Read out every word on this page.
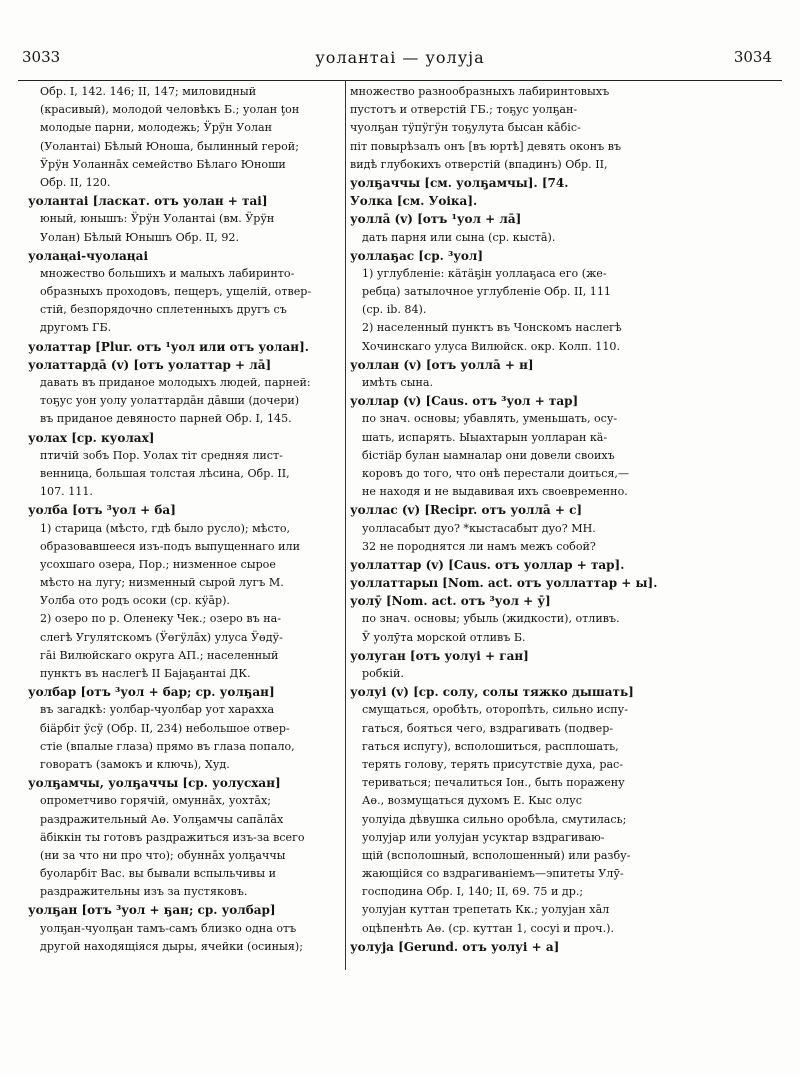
3033	уолантаі — уолуја	3034
Обр. I, 142. 146; II, 147; миловидный
(красивый), молодой человѣкъ Б.; уолан ţон
молодые парни, молодежь; Ӱрӱн Уолан
(Уолантаі) Бѣлый Юноша, былинный герой;
Ӱрӱн Уоланнāх семейство Бѣлаго Юноши
Обр. II, 120.
уолантаі [ласкат. отъ уолан + таі]
юный, юнышъ: Ӱрӱн Уолантаі (вм. Ӱрӱн
Уолан) Бѣлый Юнышъ Обр. II, 92.
уолаңаі-чуолаңаі
множество большихъ и малыхъ лабиринто-
образныхъ проходовъ, пещеръ, ущелій, отвер-
стій, безпорядочно сплетенныхъ другъ съ
другомъ ГБ.
уолаттар [Plur. отъ ¹уол или отъ уолан].
уолаттардā (v) [отъ уолаттар + лā]
давать въ приданое молодыхъ людей, парней:
тоҕус уон уолу уолаттардāн дāвши (дочери)
въ приданое девяносто парней Обр. I, 145.
уолах [ср. куолах]
птичій зобъ Пор. Уолах тіт средняя лист-
венница, большая толстая лѣсина, Обр. II,
107. 111.
уолба [отъ ³уол + ба]
1) старица (мѣсто, гдѣ было русло); мѣсто,
образовавшееся изъ-подъ выпущеннаго или
усохшаго озера, Пор.; низменное сырое
мѣсто на лугу; низменный сырой лугъ М.
Уолба ото родъ осоки (ср. кӱāр).
2) озеро по р. Оленеку Чек.; озеро въ на-
слегѣ Угулятскомъ (Ӱөгӱлāх) улуса Ӱөдӱ-
гāі Вилюйскаго округа АП.; населенный
пунктъ въ наслегѣ II Бајаҕантаі ДК.
уолбар [отъ ³уол + бар; ср. уолҕан]
въ загадкѣ: уолбар-чуолбар уот хараххa
біäрбіт ӱсӱ (Обр. II, 234) небольшое отвер-
стіе (впалые глаза) прямо въ глаза попало,
говоратъ (замокъ и ключь), Худ.
уолҕамчы, уолҕаччы [ср. уолусхан]
опрометчиво горячій, омуннāх, уохтāх;
раздражительный Аө. Уолҕамчы сапāлāх
äбіккін ты готовъ раздражиться изъ-за всего
(ни за что ни про что); обуннāх уолҕаччы
буоларбіт Вас. вы бывали вспыльчивы и
раздражительны изъ за пустяковъ.
уолҕан [отъ ³уол + ҕан; ср. уолбар]
уолҕан-чуолҕан тамъ-самъ близко одна отъ
другой находящіяся дыры, ячейки (осиныя);
множество разнообразныхъ лабиринтовыхъ
пустотъ и отверстій ГБ.; тоҕус уолҕан-
чуолҕан тӱпӱгӱн тоҕулута бысан кāбіс-
піт повырѣзалъ онъ [въ юртѣ] девять оконъ въ
видѣ глубокихъ отверстій (впадинъ) Обр. II,
уолҕаччы [см. уолҕамчы]. [74.
Уолка [см. Уоіка].
уоллā (v) [отъ ¹уол + лā]
дать парня или сына (ср. кыстā).
уоллаҕас [ср. ³уол]
1) углубленіе: кäтäҕін уоллаҕаса его (же-
ребца) затылочное углубленіе Обр. II, 111
(ср. ib. 84).
2) населенный пунктъ въ Чонскомъ наслегѣ
Хочинскаго улуса Вилюйск. окр. Колп. 110.
уоллан (v) [отъ уоллā + н]
имѣть сына.
уоллар (v) [Caus. отъ ³уол + тар]
по знач. основы; убавлять, уменьшать, осу-
шать, испарять. Ыыахтарын уолларан кä-
бістіäр булан ыамналар они довели своихъ
коровъ до того, что онѣ перестали доиться,—
не находя и не выдавивая ихъ своевременно.
уоллас (v) [Recipr. отъ уоллā + с]
уолласабыт дуо? *кыстасабыт дуо? МН.
32 не породнятся ли намъ межъ собой?
уоллаттар (v) [Caus. отъ уоллар + тар].
уоллаттарыı [Nom. act. отъ уоллаттар + ы].
уолӯ [Nom. act. отъ ³уол + ӯ]
по знач. основы; убыль (жидкости), отливъ.
Ӯ уолӯта морской отливъ Б.
уолуган [отъ уолуі + ган]
робкій.
уолуі (v) [ср. солу, солы тяжко дышать]
смущаться, оробѣть, оторопѣть, сильно испу-
гаться, бояться чего, вздрагивать (подвер-
гаться испугу), всполошиться, расплошать,
терять голову, терять присутствіе духа, рас-
териваться; печалиться Іон., быть поражену
Аө., возмущаться духомъ Е. Кыс олус
уолуіда дѣвушка сильно оробѣла, смутилась;
уолујар или уолујан усуктар вздрагиваю-
щій (всполошный, всполошенный) или разбу-
жающійся со вздрагиваніемъ—эпитеты Улӯ-
господина Обр. I, 140; II, 69. 75 и др.;
уолујан куттан трепетать Кк.; уолујан хāл
оцѣпенѣть Аө. (ср. куттан 1, сосуі и проч.).
уолуја [Gerund. отъ уолуі + а]
